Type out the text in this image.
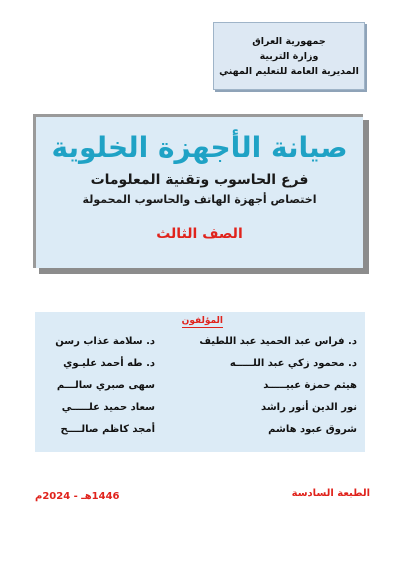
جمهورية العراق
وزارة التربية
المديرية العامة للتعليم المهني
صيانة الأجهزة الخلوية
فرع الحاسوب وتقنية المعلومات
اختصاص أجهزة الهاتف والحاسوب المحمولة
الصف الثالث
المؤلفون
د. فراس عبد الحميد عبد اللطيف
د. سلامة عذاب رسن
د. محمود زكي عبد اللـــــه
د. طه أحمد عليـوي
هيثم حمزة عبيـــــد
سهى صبري سالـــم
نور الدين أنور راشد
سعاد حميد علـــــي
شروق عبود هاشم
أمجد كاظم صالــــح
الطبعة السادسة
1446هـ - 2024م
